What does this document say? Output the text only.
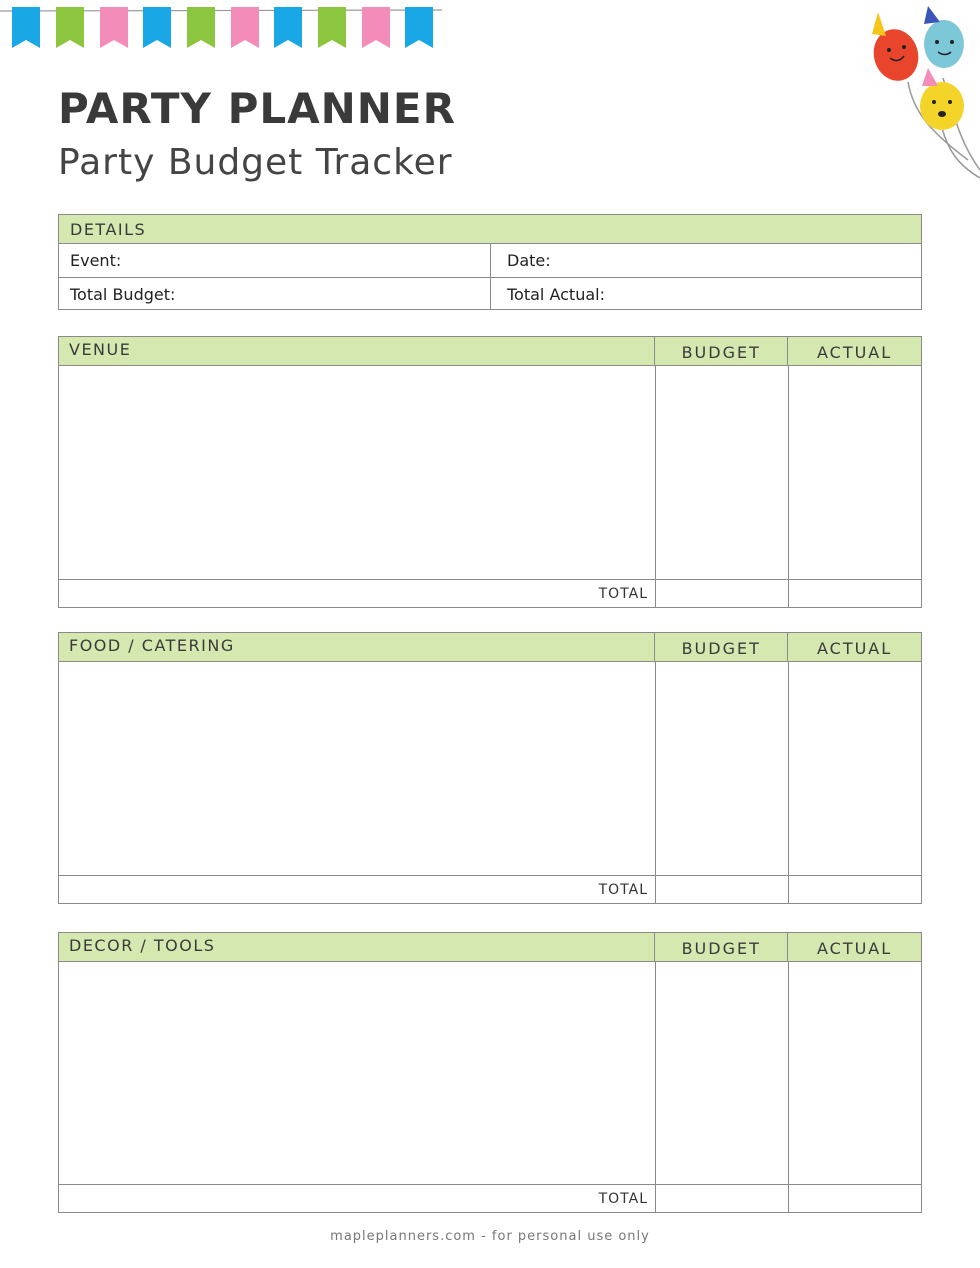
PARTY PLANNER
Party Budget Tracker
DETAILS
Event:	Date:
Total Budget:	Total Actual:
VENUE	BUDGET	ACTUAL
TOTAL
FOOD / CATERING	BUDGET	ACTUAL
TOTAL
DECOR / TOOLS	BUDGET	ACTUAL
TOTAL
mapleplanners.com - for personal use only
